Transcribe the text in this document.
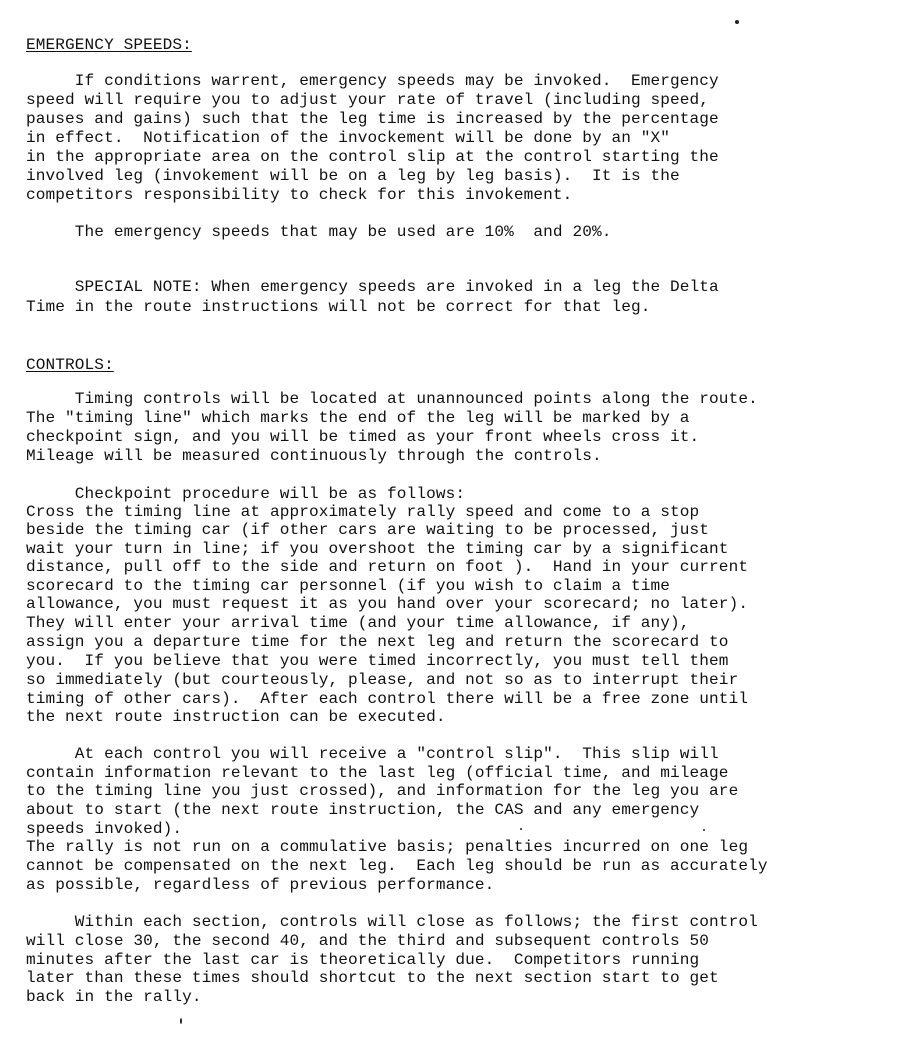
EMERGENCY SPEEDS:
If conditions warrent, emergency speeds may be invoked.  Emergency
speed will require you to adjust your rate of travel (including speed,
pauses and gains) such that the leg time is increased by the percentage
in effect.  Notification of the invockement will be done by an "X"
in the appropriate area on the control slip at the control starting the
involved leg (invokement will be on a leg by leg basis).  It is the
competitors responsibility to check for this invokement.
The emergency speeds that may be used are 10%  and 20%.
SPECIAL NOTE: When emergency speeds are invoked in a leg the Delta
Time in the route instructions will not be correct for that leg.
CONTROLS:
Timing controls will be located at unannounced points along the route.
The "timing line" which marks the end of the leg will be marked by a
checkpoint sign, and you will be timed as your front wheels cross it.
Mileage will be measured continuously through the controls.
Checkpoint procedure will be as follows:
Cross the timing line at approximately rally speed and come to a stop
beside the timing car (if other cars are waiting to be processed, just
wait your turn in line; if you overshoot the timing car by a significant
distance, pull off to the side and return on foot ).  Hand in your current
scorecard to the timing car personnel (if you wish to claim a time
allowance, you must request it as you hand over your scorecard; no later).
They will enter your arrival time (and your time allowance, if any),
assign you a departure time for the next leg and return the scorecard to
you.  If you believe that you were timed incorrectly, you must tell them
so immediately (but courteously, please, and not so as to interrupt their
timing of other cars).  After each control there will be a free zone until
the next route instruction can be executed.
At each control you will receive a "control slip".  This slip will
contain information relevant to the last leg (official time, and mileage
to the timing line you just crossed), and information for the leg you are
about to start (the next route instruction, the CAS and any emergency
speeds invoked).
The rally is not run on a commulative basis; penalties incurred on one leg
cannot be compensated on the next leg.  Each leg should be run as accurately
as possible, regardless of previous performance.
Within each section, controls will close as follows; the first control
will close 30, the second 40, and the third and subsequent controls 50
minutes after the last car is theoretically due.  Competitors running
later than these times should shortcut to the next section start to get
back in the rally.
